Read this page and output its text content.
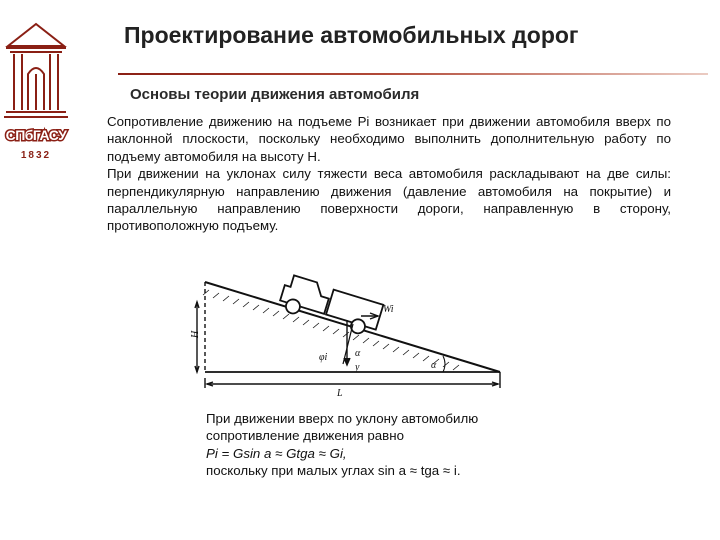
СПбГАСУ
1832
Проектирование автомобильных дорог
Основы теории движения автомобиля

Сопротивление движению на подъеме Pi возникает при движении автомобиля вверх по наклонной плоскости, поскольку необходимо выполнить дополнительную работу по подъему автомобиля на высоту H.

При движении на уклонах силу тяжести веса автомобиля раскладывают на две силы: перпендикулярную направлению движения (давление автомобиля на покрытие) и параллельную направлению поверхности дороги, направленную в сторону, противоположную подъему.

H
L
Wi
α
α
φi
y
При движении вверх по уклону автомобилю
сопротивление движения равно
Pi = Gsin a ≈ Gtga ≈ Gi,
поскольку при малых углах sin a ≈ tga ≈ i.
